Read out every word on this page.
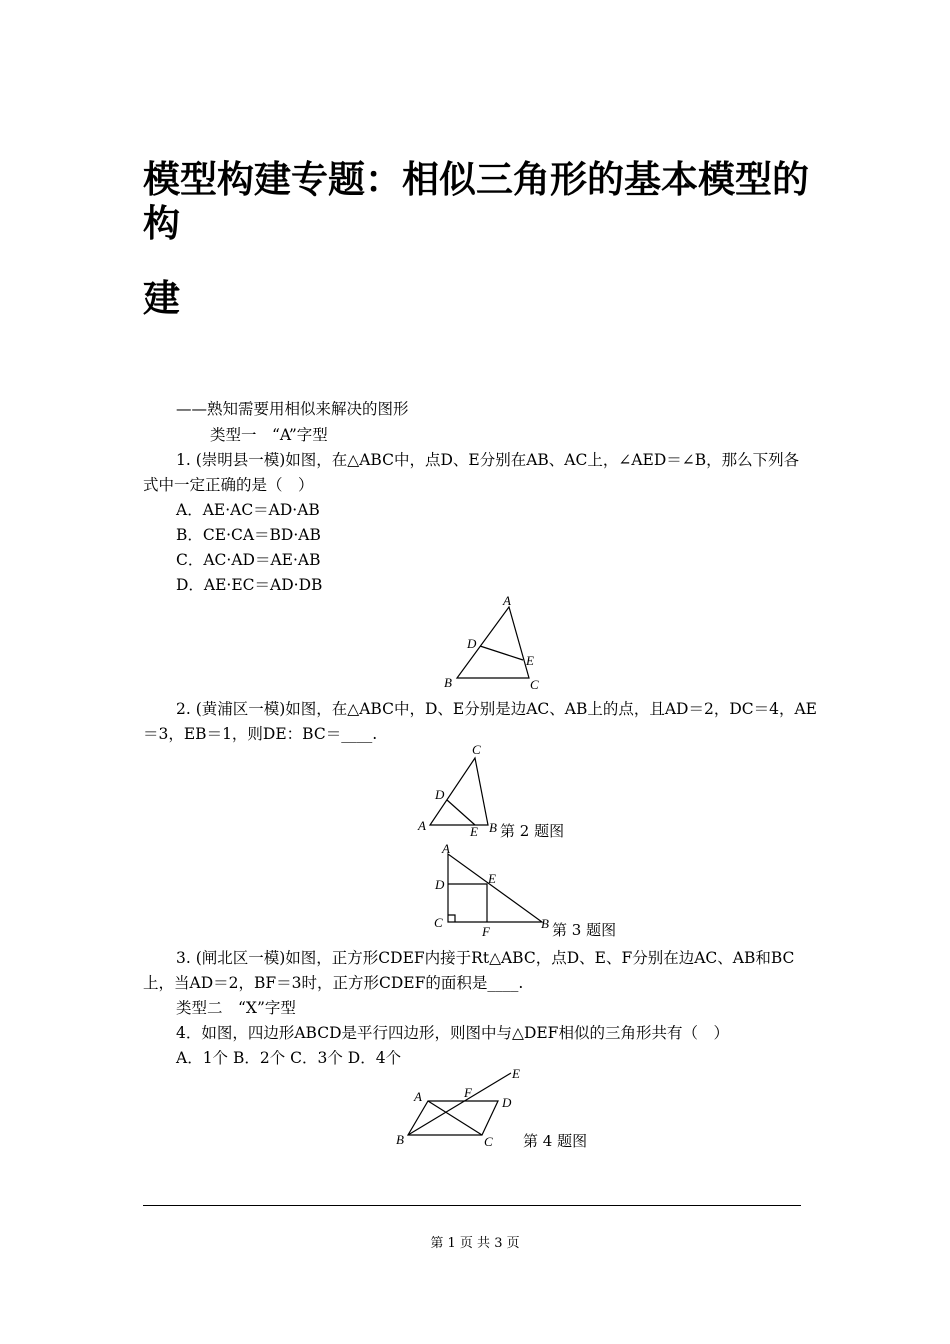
模型构建专题：相似三角形的基本模型的构
建
——熟知需要用相似来解决的图形
类型一　“A”字型
1. (崇明县一模)如图，在△ABC中，点D、E分别在AB、AC上，∠AED＝∠B，那么下列各
式中一定正确的是（　）
A．AE·AC＝AD·AB
B．CE·CA＝BD·AB
C．AC·AD＝AE·AB
D．AE·EC＝AD·DB
A
D
E
B	C
2. (黄浦区一模)如图，在△ABC中，D、E分别是边AC、AB上的点，且AD＝2，DC＝4，AE
＝3，EB＝1，则DE：BC＝____.
C
D
A	E B 第 2 题图
A
D	E
C
F
B 第 3 题图
3. (闸北区一模)如图，正方形CDEF内接于Rt△ABC，点D、E、F分别在边AC、AB和BC
上，当AD＝2，BF＝3时，正方形CDEF的面积是____.
类型二　“X”字型
4．如图，四边形ABCD是平行四边形，则图中与△DEF相似的三角形共有（　）
A．1个 B．2个 C．3个 D．4个
E
A	F
D
B	C 第 4 题图
第 1 页 共 3 页
